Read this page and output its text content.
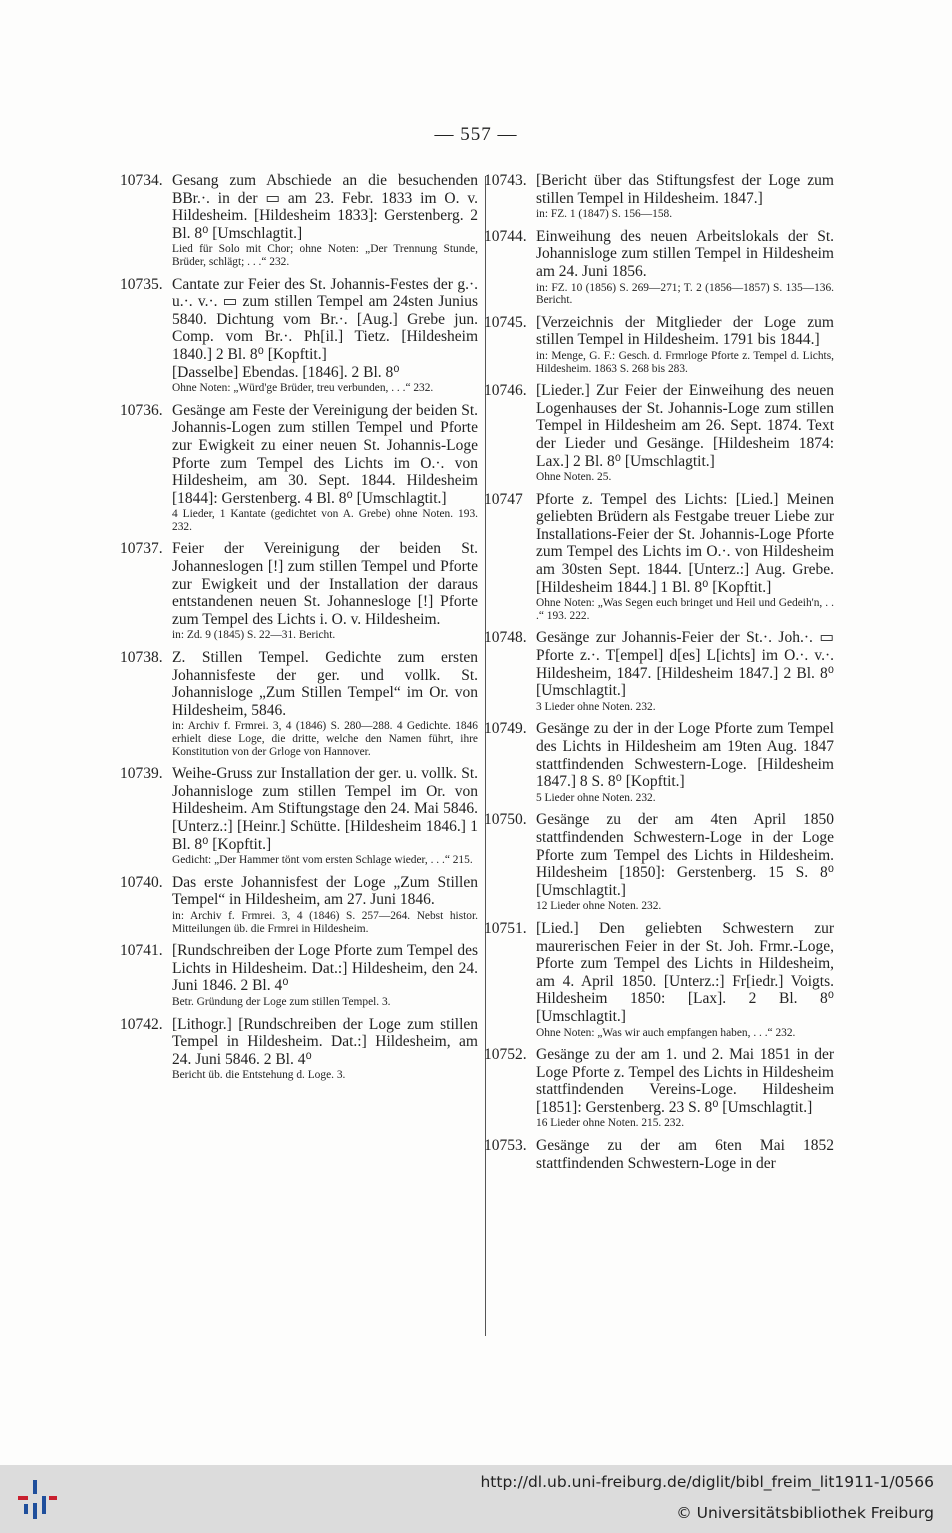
— 557 —
10734. Gesang zum Abschiede an die besuchenden BBr.·. in der ▭ am 23. Febr. 1833 im O. v. Hildesheim. [Hildesheim 1833]: Gerstenberg. 2 Bl. 8⁰ [Umschlagtit.]
Lied für Solo mit Chor; ohne Noten: „Der Trennung Stunde, Brüder, schlägt; . . .“ 232.
10735. Cantate zur Feier des St. Johannis-Festes der g.·. u.·. v.·. ▭ zum stillen Tempel am 24sten Junius 5840. Dichtung vom Br.·. [Aug.] Grebe jun. Comp. vom Br.·. Ph[il.] Tietz. [Hildesheim 1840.] 2 Bl. 8⁰ [Kopftit.]
[Dasselbe] Ebendas. [1846]. 2 Bl. 8⁰
Ohne Noten: „Würd'ge Brüder, treu verbunden, . . .“ 232.
10736. Gesänge am Feste der Vereinigung der beiden St. Johannis-Logen zum stillen Tempel und Pforte zur Ewigkeit zu einer neuen St. Johannis-Loge Pforte zum Tempel des Lichts im O.·. von Hildesheim, am 30. Sept. 1844. Hildesheim [1844]: Gerstenberg. 4 Bl. 8⁰ [Umschlagtit.]
4 Lieder, 1 Kantate (gedichtet von A. Grebe) ohne Noten. 193. 232.
10737. Feier der Vereinigung der beiden St. Johanneslogen [!] zum stillen Tempel und Pforte zur Ewigkeit und der Installation der daraus entstandenen neuen St. Johannesloge [!] Pforte zum Tempel des Lichts i. O. v. Hildesheim.
in: Zd. 9 (1845) S. 22—31. Bericht.
10738. Z. Stillen Tempel. Gedichte zum ersten Johannisfeste der ger. und vollk. St. Johannisloge „Zum Stillen Tempel“ im Or. von Hildesheim, 5846.
in: Archiv f. Frmrei. 3, 4 (1846) S. 280—288. 4 Gedichte. 1846 erhielt diese Loge, die dritte, welche den Namen führt, ihre Konstitution von der Grloge von Hannover.
10739. Weihe-Gruss zur Installation der ger. u. vollk. St. Johannisloge zum stillen Tempel im Or. von Hildesheim. Am Stiftungstage den 24. Mai 5846. [Unterz.:] [Heinr.] Schütte. [Hildesheim 1846.] 1 Bl. 8⁰ [Kopftit.]
Gedicht: „Der Hammer tönt vom ersten Schlage wieder, . . .“ 215.
10740. Das erste Johannisfest der Loge „Zum Stillen Tempel“ in Hildesheim, am 27. Juni 1846.
in: Archiv f. Frmrei. 3, 4 (1846) S. 257—264. Nebst histor. Mitteilungen üb. die Frmrei in Hildesheim.
10741. [Rundschreiben der Loge Pforte zum Tempel des Lichts in Hildesheim. Dat.:] Hildesheim, den 24. Juni 1846. 2 Bl. 4⁰
Betr. Gründung der Loge zum stillen Tempel. 3.
10742. [Lithogr.] [Rundschreiben der Loge zum stillen Tempel in Hildesheim. Dat.:] Hildesheim, am 24. Juni 5846. 2 Bl. 4⁰
Bericht üb. die Entstehung d. Loge. 3.
10743. [Bericht über das Stiftungsfest der Loge zum stillen Tempel in Hildesheim. 1847.]
in: FZ. 1 (1847) S. 156—158.
10744. Einweihung des neuen Arbeitslokals der St. Johannisloge zum stillen Tempel in Hildesheim am 24. Juni 1856.
in: FZ. 10 (1856) S. 269—271; T. 2 (1856—1857) S. 135—136. Bericht.
10745. [Verzeichnis der Mitglieder der Loge zum stillen Tempel in Hildesheim. 1791 bis 1844.]
in: Menge, G. F.: Gesch. d. Frmrloge Pforte z. Tempel d. Lichts, Hildesheim. 1863 S. 268 bis 283.
10746. [Lieder.] Zur Feier der Einweihung des neuen Logenhauses der St. Johannis-Loge zum stillen Tempel in Hildesheim am 26. Sept. 1874. Text der Lieder und Gesänge. [Hildesheim 1874: Lax.] 2 Bl. 8⁰ [Umschlagtit.]
Ohne Noten. 25.
10747 Pforte z. Tempel des Lichts: [Lied.] Meinen geliebten Brüdern als Festgabe treuer Liebe zur Installations-Feier der St. Johannis-Loge Pforte zum Tempel des Lichts im O.·. von Hildesheim am 30sten Sept. 1844. [Unterz.:] Aug. Grebe. [Hildesheim 1844.] 1 Bl. 8⁰ [Kopftit.]
Ohne Noten: „Was Segen euch bringet und Heil und Gedeih'n, . . .“ 193. 222.
10748. Gesänge zur Johannis-Feier der St.·. Joh.·. ▭ Pforte z.·. T[empel] d[es] L[ichts] im O.·. v.·. Hildesheim, 1847. [Hildesheim 1847.] 2 Bl. 8⁰ [Umschlagtit.]
3 Lieder ohne Noten. 232.
10749. Gesänge zu der in der Loge Pforte zum Tempel des Lichts in Hildesheim am 19ten Aug. 1847 stattfindenden Schwestern-Loge. [Hildesheim 1847.] 8 S. 8⁰ [Kopftit.]
5 Lieder ohne Noten. 232.
10750. Gesänge zu der am 4ten April 1850 stattfindenden Schwestern-Loge in der Loge Pforte zum Tempel des Lichts in Hildesheim. Hildesheim [1850]: Gerstenberg. 15 S. 8⁰ [Umschlagtit.]
12 Lieder ohne Noten. 232.
10751. [Lied.] Den geliebten Schwestern zur maurerischen Feier in der St. Joh. Frmr.-Loge, Pforte zum Tempel des Lichts in Hildesheim, am 4. April 1850. [Unterz.:] Fr[iedr.] Voigts. Hildesheim 1850: [Lax]. 2 Bl. 8⁰ [Umschlagtit.]
Ohne Noten: „Was wir auch empfangen haben, . . .“ 232.
10752. Gesänge zu der am 1. und 2. Mai 1851 in der Loge Pforte z. Tempel des Lichts in Hildesheim stattfindenden Vereins-Loge. Hildesheim [1851]: Gerstenberg. 23 S. 8⁰ [Umschlagtit.]
16 Lieder ohne Noten. 215. 232.
10753. Gesänge zu der am 6ten Mai 1852 stattfindenden Schwestern-Loge in der
http://dl.ub.uni-freiburg.de/diglit/bibl_freim_lit1911-1/0566
© Universitätsbibliothek Freiburg
